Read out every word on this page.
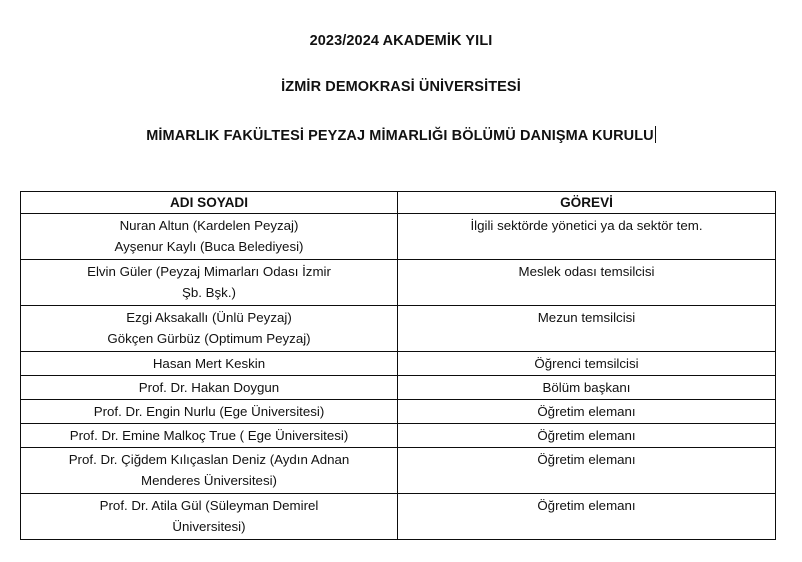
2023/2024 AKADEMİK YILI
İZMİR DEMOKRASİ ÜNİVERSİTESİ
MİMARLIK FAKÜLTESİ PEYZAJ MİMARLIĞI BÖLÜMÜ DANIŞMA KURULU
ADI SOYADI	GÖREVİ

Nuran Altun (Kardelen Peyzaj)
Ayşenur Kaylı (Buca Belediyesi)	İlgili sektörde yönetici ya da sektör tem.

Elvin Güler (Peyzaj Mimarları Odası İzmir
Şb. Bşk.)	Meslek odası temsilcisi

Ezgi Aksakallı (Ünlü Peyzaj)
Gökçen Gürbüz (Optimum Peyzaj)	Mezun temsilcisi

Hasan Mert Keskin	Öğrenci temsilcisi

Prof. Dr. Hakan Doygun	Bölüm başkanı

Prof. Dr. Engin Nurlu (Ege Üniversitesi)	Öğretim elemanı

Prof. Dr. Emine Malkoç True ( Ege Üniversitesi)	Öğretim elemanı

Prof. Dr. Çiğdem Kılıçaslan Deniz (Aydın Adnan
Menderes Üniversitesi)	Öğretim elemanı

Prof. Dr. Atila Gül (Süleyman Demirel
Üniversitesi)	Öğretim elemanı
